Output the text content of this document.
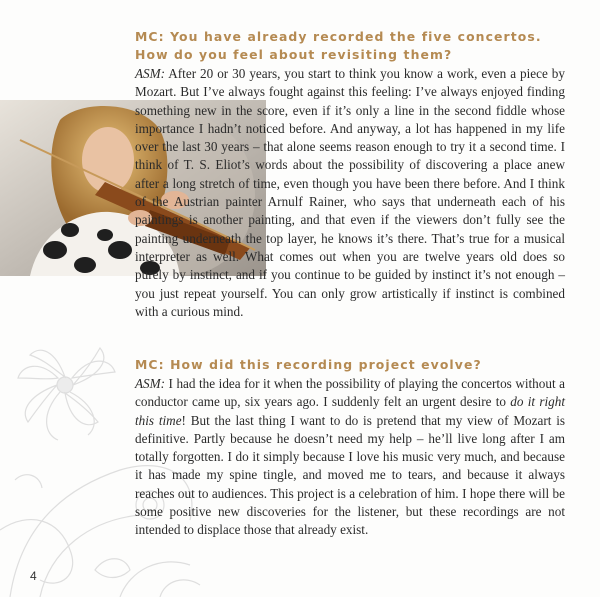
MC: You have already recorded the five concertos. How do you feel about revisiting them?
ASM: After 20 or 30 years, you start to think you know a work, even a piece by Mozart. But I’ve always fought against this feeling: I’ve always enjoyed finding something new in the score, even if it’s only a line in the second fiddle whose importance I hadn’t noticed before. And anyway, a lot has happened in my life over the last 30 years – that alone seems reason enough to try it a second time. I think of T. S. Eliot’s words about the possibility of discovering a place anew after a long stretch of time, even though you have been there before. And I think of the Austrian painter Arnulf Rainer, who says that underneath each of his paintings is another painting, and that even if the viewers don’t fully see the painting underneath the top layer, he knows it’s there. That’s true for a musical interpreter as well. What comes out when you are twelve years old does so purely by instinct, and if you continue to be guided by instinct it’s not enough – you just repeat yourself. You can only grow artistically if instinct is combined with a curious mind.
MC: How did this recording project evolve?
ASM: I had the idea for it when the possibility of playing the concertos without a conductor came up, six years ago. I suddenly felt an urgent desire to do it right this time! But the last thing I want to do is pretend that my view of Mozart is definitive. Partly because he doesn’t need my help – he’ll live long after I am totally forgotten. I do it simply because I love his music very much, and because it has made my spine tingle, and moved me to tears, and because it always reaches out to audiences. This project is a celebration of him. I hope there will be some positive new discoveries for the listener, but these recordings are not intended to displace those that already exist.
4
